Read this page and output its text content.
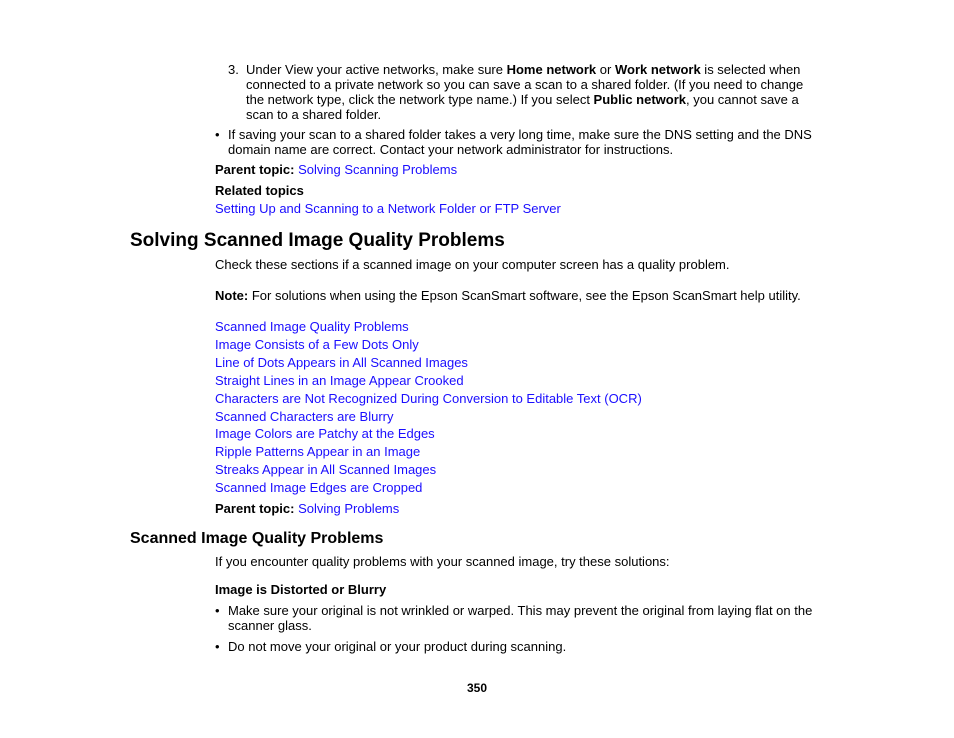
3. Under View your active networks, make sure Home network or Work network is selected when connected to a private network so you can save a scan to a shared folder. (If you need to change the network type, click the network type name.) If you select Public network, you cannot save a scan to a shared folder.
• If saving your scan to a shared folder takes a very long time, make sure the DNS setting and the DNS domain name are correct. Contact your network administrator for instructions.
Parent topic: Solving Scanning Problems
Related topics
Setting Up and Scanning to a Network Folder or FTP Server
Solving Scanned Image Quality Problems
Check these sections if a scanned image on your computer screen has a quality problem.
Note: For solutions when using the Epson ScanSmart software, see the Epson ScanSmart help utility.
Scanned Image Quality Problems
Image Consists of a Few Dots Only
Line of Dots Appears in All Scanned Images
Straight Lines in an Image Appear Crooked
Characters are Not Recognized During Conversion to Editable Text (OCR)
Scanned Characters are Blurry
Image Colors are Patchy at the Edges
Ripple Patterns Appear in an Image
Streaks Appear in All Scanned Images
Scanned Image Edges are Cropped
Parent topic: Solving Problems
Scanned Image Quality Problems
If you encounter quality problems with your scanned image, try these solutions:
Image is Distorted or Blurry
• Make sure your original is not wrinkled or warped. This may prevent the original from laying flat on the scanner glass.
• Do not move your original or your product during scanning.
350
